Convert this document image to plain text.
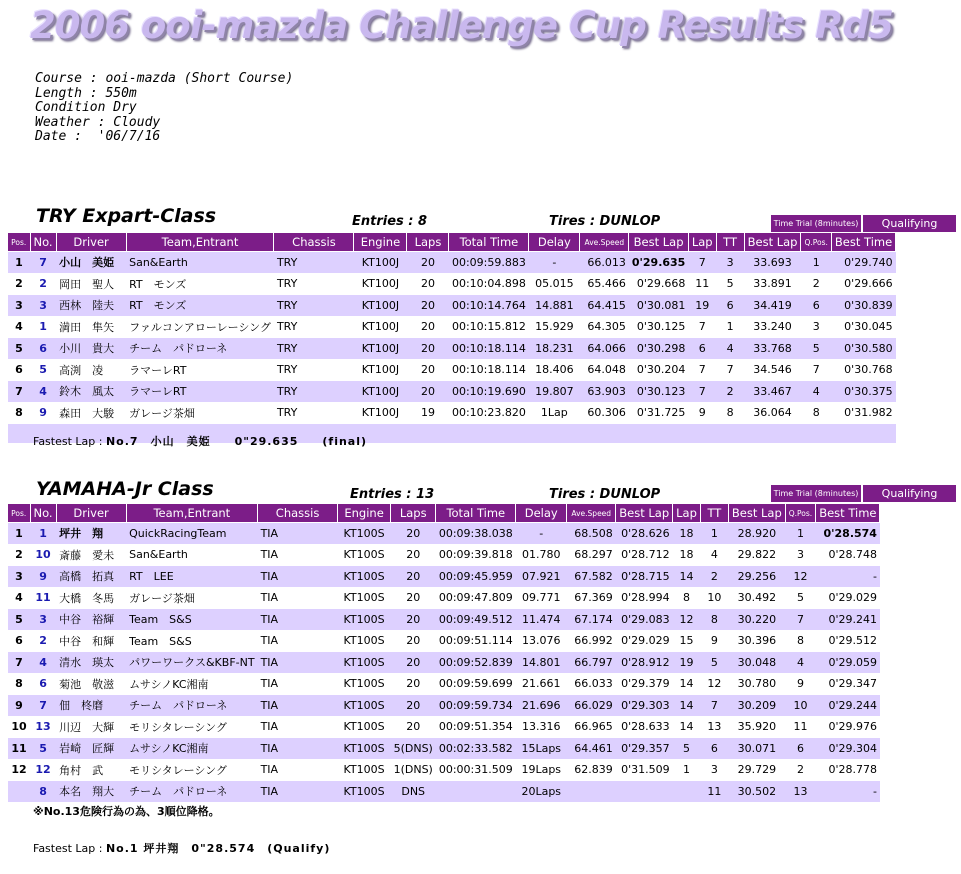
2006 ooi-mazda Challenge Cup Results Rd5
Course : ooi-mazda (Short Course)
Length : 550m
Condition Dry
Weather : Cloudy
Date :  '06/7/16
TRY Expart-Class	Entries : 8	Tires : DUNLOP	Time Trial (8minutes)	Qualifying
Pos.	No.	Driver	Team,Entrant	Chassis	Engine	Laps	Total Time	Delay	Ave.Speed	Best Lap	Lap	TT	Best Lap	Q.Pos.	Best Time
1	7	小山　美姫	San&Earth	TRY	KT100J	20	00:09:59.883	-	66.013	0'29.635	7	3	33.693	1	0'29.740
2	2	岡田　聖人	RT　モンズ	TRY	KT100J	20	00:10:04.898	05.015	65.466	0'29.668	11	5	33.891	2	0'29.666
3	3	西林　陸夫	RT　モンズ	TRY	KT100J	20	00:10:14.764	14.881	64.415	0'30.081	19	6	34.419	6	0'30.839
4	1	満田　隼矢	ファルコンアローレーシング	TRY	KT100J	20	00:10:15.812	15.929	64.305	0'30.125	7	1	33.240	3	0'30.045
5	6	小川　貴大	チーム　パドローネ	TRY	KT100J	20	00:10:18.114	18.231	64.066	0'30.298	6	4	33.768	5	0'30.580
6	5	高渕　凌	ラマーレRT	TRY	KT100J	20	00:10:18.114	18.406	64.048	0'30.204	7	7	34.546	7	0'30.768
7	4	鈴木　風太	ラマーレRT	TRY	KT100J	20	00:10:19.690	19.807	63.903	0'30.123	7	2	33.467	4	0'30.375
8	9	森田　大駿	ガレージ茶畑	TRY	KT100J	19	00:10:23.820	1Lap	60.306	0'31.725	9	8	36.064	8	0'31.982

Fastest Lap : No.7　小山　美姫　　0"29.635　　(final)
YAMAHA-Jr Class	Entries : 13	Tires : DUNLOP	Time Trial (8minutes)	Qualifying
Pos.	No.	Driver	Team,Entrant	Chassis	Engine	Laps	Total Time	Delay	Ave.Speed	Best Lap	Lap	TT	Best Lap	Q.Pos.	Best Time
1	1	坪井　翔	QuickRacingTeam	TIA	KT100S	20	00:09:38.038	-	68.508	0'28.626	18	1	28.920	1	0'28.574
2	10	斎藤　愛未	San&Earth	TIA	KT100S	20	00:09:39.818	01.780	68.297	0'28.712	18	4	29.822	3	0'28.748
3	9	高橋　拓真	RT　LEE	TIA	KT100S	20	00:09:45.959	07.921	67.582	0'28.715	14	2	29.256	12	-
4	11	大橋　冬馬	ガレージ茶畑	TIA	KT100S	20	00:09:47.809	09.771	67.369	0'28.994	8	10	30.492	5	0'29.029
5	3	中谷　裕輝	Team　S&S	TIA	KT100S	20	00:09:49.512	11.474	67.174	0'29.083	12	8	30.220	7	0'29.241
6	2	中谷　和輝	Team　S&S	TIA	KT100S	20	00:09:51.114	13.076	66.992	0'29.029	15	9	30.396	8	0'29.512
7	4	清水　瑛太	パワーワークス&KBF-NT	TIA	KT100S	20	00:09:52.839	14.801	66.797	0'28.912	19	5	30.048	4	0'29.059
8	6	菊池　敬滋	ムサシノKC湘南	TIA	KT100S	20	00:09:59.699	21.661	66.033	0'29.379	14	12	30.780	9	0'29.347
9	7	佃　柊磨	チーム　パドローネ	TIA	KT100S	20	00:09:59.734	21.696	66.029	0'29.303	14	7	30.209	10	0'29.244
10	13	川辺　大輝	モリシタレーシング	TIA	KT100S	20	00:09:51.354	13.316	66.965	0'28.633	14	13	35.920	11	0'29.976
11	5	岩崎　匠輝	ムサシノKC湘南	TIA	KT100S	5(DNS)	00:02:33.582	15Laps	64.461	0'29.357	5	6	30.071	6	0'29.304
12	12	角村　武	モリシタレーシング	TIA	KT100S	1(DNS)	00:00:31.509	19Laps	62.839	0'31.509	1	3	29.729	2	0'28.778
	8	本名　翔大	チーム　パドローネ	TIA	KT100S	DNS		20Laps				11	30.502	13	-
※No.13危険行為の為、3順位降格。
Fastest Lap : No.1 坪井翔　0"28.574　(Qualify)
